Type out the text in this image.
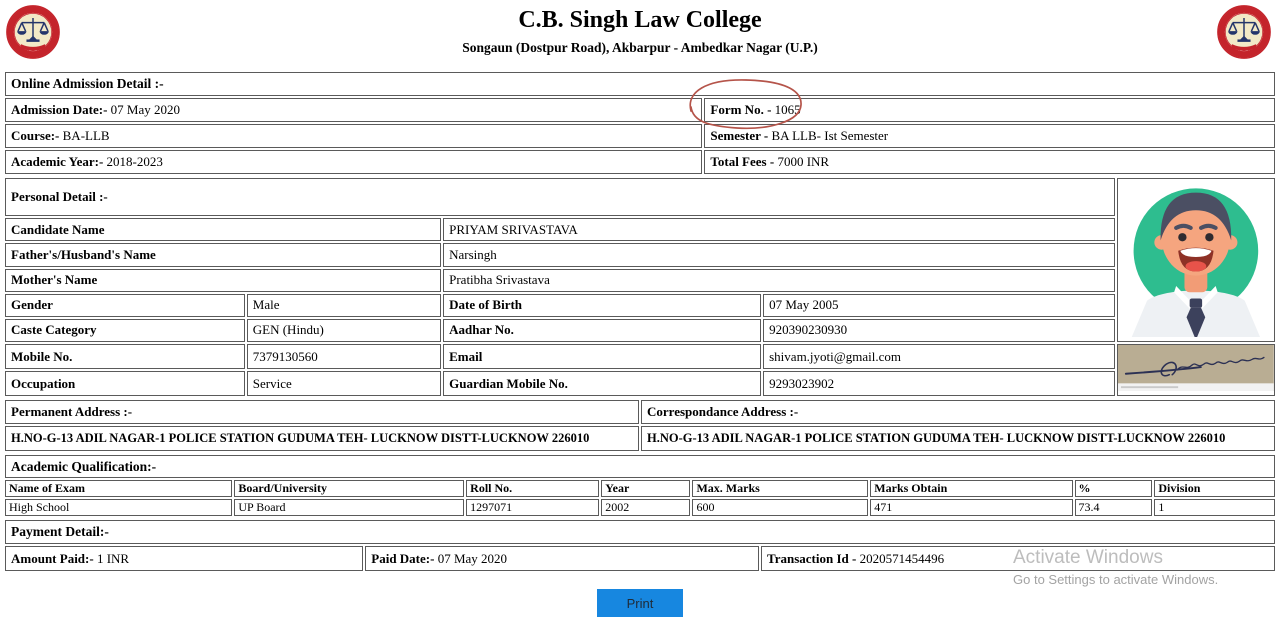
C.B. Singh Law College
Songaun (Dostpur Road), Akbarpur - Ambedkar Nagar (U.P.)
Online Admission Detail :-	
Admission Date:- 07 May 2020	Form No. - 1065
Course:- BA-LLB	Semester - BA LLB- Ist Semester
Academic Year:- 2018-2023	Total Fees - 7000 INR
Personal Detail :-	
Candidate Name		PRIYAM SRIVASTAVA		
Father's/Husband's Name		Narsingh		
Mother's Name		Pratibha Srivastava		
Gender	Male	Date of Birth	07 May 2005	
Caste Category	GEN (Hindu)	Aadhar No.	920390230930	
Mobile No.	7379130560	Email	shivam.jyoti@gmail.com	
Occupation	Service	Guardian Mobile No.	9293023902	
Permanent Address :-	Correspondance Address :-
H.NO-G-13 ADIL NAGAR-1 POLICE STATION GUDUMA TEH- LUCKNOW DISTT-LUCKNOW 226010	H.NO-G-13 ADIL NAGAR-1 POLICE STATION GUDUMA TEH- LUCKNOW DISTT-LUCKNOW 226010
Academic Qualification:-							
Name of Exam	Board/University	Roll No.	Year	Max. Marks	Marks Obtain	%	Division
High School	UP Board	1297071	2002	600	471	73.4	1
Payment Detail:-
Amount Paid:- 1 INR	Paid Date:- 07 May 2020	Transaction Id - 2020571454496
Print
Activate Windows
Go to Settings to activate Windows.
